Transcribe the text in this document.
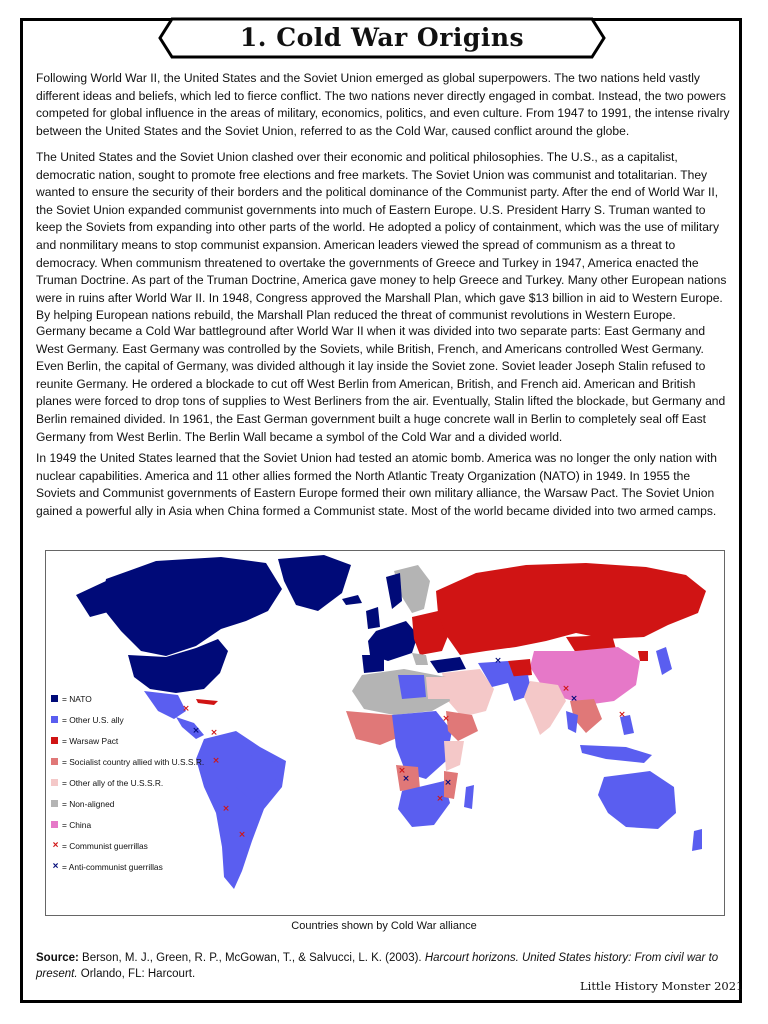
1. Cold War Origins
Following World War II, the United States and the Soviet Union emerged as global superpowers. The two nations held vastly different ideas and beliefs, which led to fierce conflict. The two nations never directly engaged in combat. Instead, the two powers competed for global influence in the areas of military, economics, politics, and even culture. From 1947 to 1991, the intense rivalry between the United States and the Soviet Union, referred to as the Cold War, caused conflict around the globe.
The United States and the Soviet Union clashed over their economic and political philosophies. The U.S., as a capitalist, democratic nation, sought to promote free elections and free markets. The Soviet Union was communist and totalitarian. They wanted to ensure the security of their borders and the political dominance of the Communist party. After the end of World War II, the Soviet Union expanded communist governments into much of Eastern Europe. U.S. President Harry S. Truman wanted to keep the Soviets from expanding into other parts of the world. He adopted a policy of containment, which was the use of military and nonmilitary means to stop communist expansion. American leaders viewed the spread of communism as a threat to democracy. When communism threatened to overtake the governments of Greece and Turkey in 1947, America enacted the Truman Doctrine. As part of the Truman Doctrine, America gave money to help Greece and Turkey. Many other European nations were in ruins after World War II. In 1948, Congress approved the Marshall Plan, which gave $13 billion in aid to Western Europe. By helping European nations rebuild, the Marshall Plan reduced the threat of communist revolutions in Western Europe.
Germany became a Cold War battleground after World War II when it was divided into two separate parts: East Germany and West Germany. East Germany was controlled by the Soviets, while British, French, and Americans controlled West Germany. Even Berlin, the capital of Germany, was divided although it lay inside the Soviet zone. Soviet leader Joseph Stalin refused to reunite Germany. He ordered a blockade to cut off West Berlin from American, British, and French aid. American and British planes were forced to drop tons of supplies to West Berliners from the air. Eventually, Stalin lifted the blockade, but Germany and Berlin remained divided. In 1961, the East German government built a huge concrete wall in Berlin to completely seal off East Germany from West Berlin. The Berlin Wall became a symbol of the Cold War and a divided world.
In 1949 the United States learned that the Soviet Union had tested an atomic bomb. America was no longer the only nation with nuclear capabilities. America and 11 other allies formed the North Atlantic Treaty Organization (NATO) in 1949. In 1955 the Soviets and Communist governments of Eastern Europe formed their own military alliance, the Warsaw Pact. The Soviet Union gained a powerful ally in Asia when China formed a Communist state. Most of the world became divided into two armed camps.
×
×
×
×
×
×
×
×
×
×
×
×
×	×
×
= NATO
= Other U.S. ally
= Warsaw Pact
= Socialist country allied with U.S.S.R.
= Other ally of the U.S.S.R.
= Non-aligned
= China
× = Communist guerrillas
× = Anti-communist guerrillas
Countries shown by Cold War alliance
Source: Berson, M. J., Green, R. P., McGowan, T., & Salvucci, L. K. (2003). Harcourt horizons. United States history: From civil war to present. Orlando, FL: Harcourt.
Little History Monster 2021
